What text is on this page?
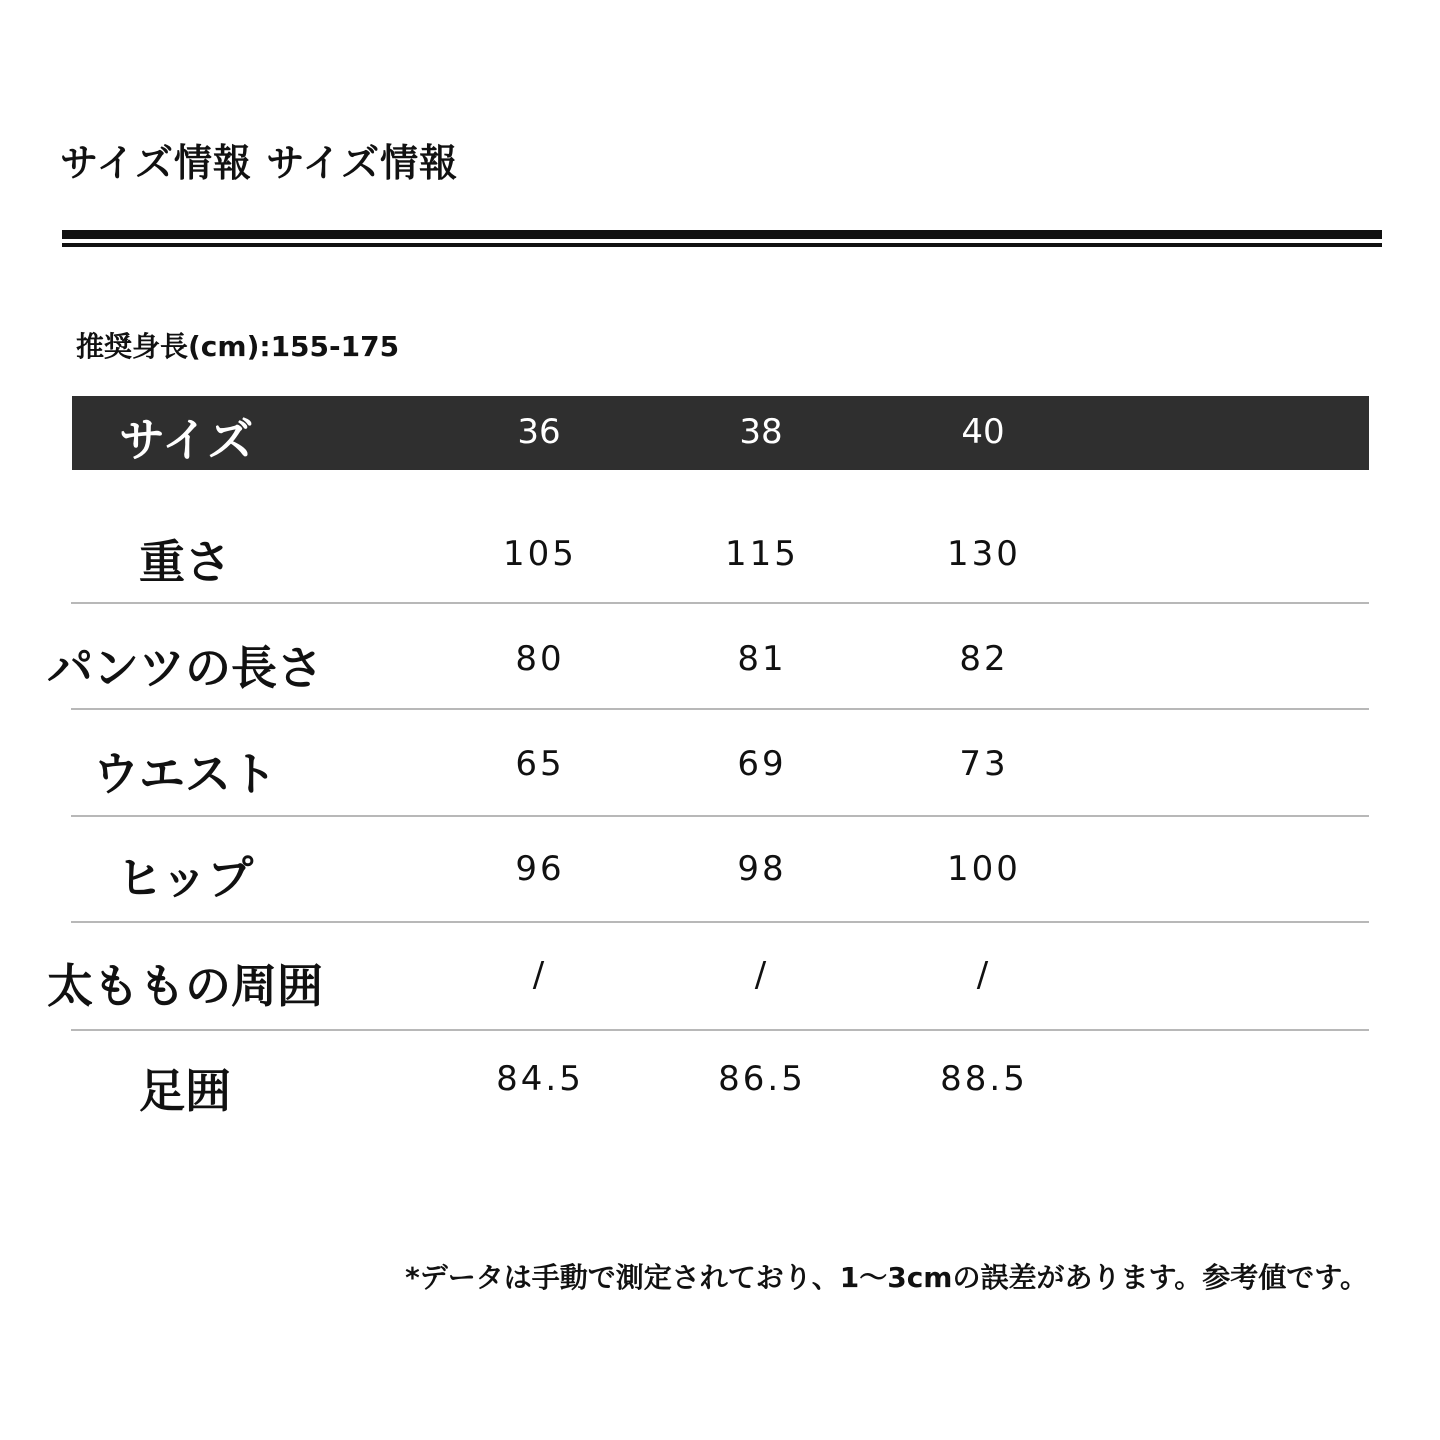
サイズ情報 サイズ情報
推奨身長(cm):155-175
サイズ	36	38	40
重さ	105	115	130
パンツの長さ	80	81	82
ウエスト	65	69	73
ヒップ	96	98	100
太ももの周囲	/	/	/
足囲	84.5	86.5	88.5
*データは手動で測定されており、1～3cmの誤差があります。参考値です。
